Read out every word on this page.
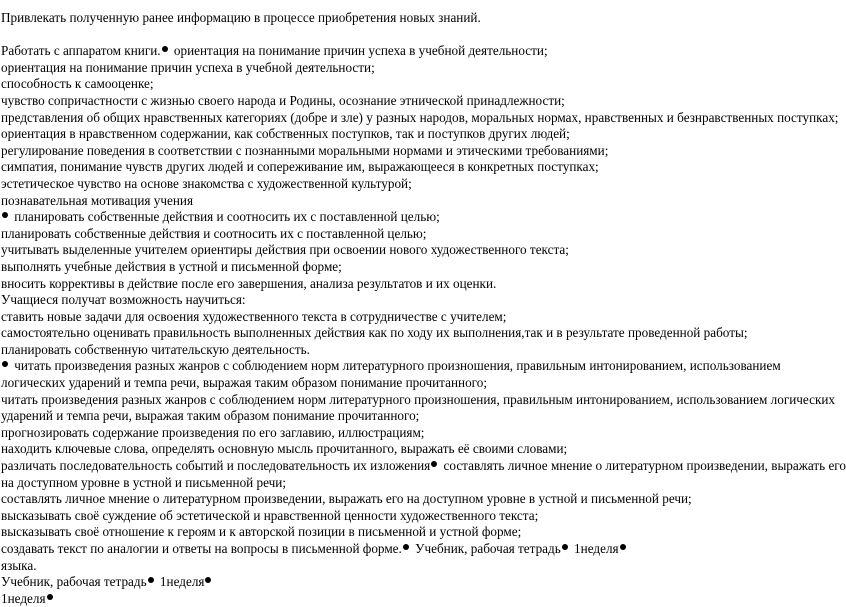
Привлекать полученную ранее информацию в процессе приобретения новых знаний.
Работать с аппаратом книги. ориентация на понимание причин успеха в учебной деятельности;
ориентация на понимание причин успеха в учебной деятельности;
способность к самооценке;
чувство сопричастности с жизнью своего народа и Родины, осознание этнической принадлежности;
представления об общих нравственных категориях (добре и зле) у разных народов, моральных нормах, нравственных и безнравственных поступках;
ориентация в нравственном содержании, как собственных поступков, так и поступков других людей;
регулирование поведения в соответствии с познанными моральными нормами и этическими требованиями;
симпатия, понимание чувств других людей и сопереживание им, выражающееся в конкретных поступках;
эстетическое чувство на основе знакомства с художественной культурой;
познавательная мотивация учения
планировать собственные действия и соотносить их с поставленной целью;
планировать собственные действия и соотносить их с поставленной целью;
учитывать выделенные учителем ориентиры действия при освоении нового художественного текста;
выполнять учебные действия в устной и письменной форме;
вносить коррективы в действие после его завершения, анализа результатов и их оценки.
Учащиеся получат возможность научиться:
ставить новые задачи для освоения художественного текста в сотрудничестве с учителем;
самостоятельно оценивать правильность выполненных действия как по ходу их выполнения,так и в результате проведенной работы;
планировать собственную читательскую деятельность.
читать произведения разных жанров с соблюдением норм литературного произношения, правильным интонированием, использованием
логических ударений и темпа речи, выражая таким образом понимание прочитанного;
читать произведения разных жанров с соблюдением норм литературного произношения, правильным интонированием, использованием логических
ударений и темпа речи, выражая таким образом понимание прочитанного;
прогнозировать содержание произведения по его заглавию, иллюстрациям;
находить ключевые слова, определять основную мысль прочитанного, выражать её своими словами;
различать последовательность событий и последовательность их изложения составлять личное мнение о литературном произведении, выражать его
на доступном уровне в устной и письменной речи;
составлять личное мнение о литературном произведении, выражать его на доступном уровне в устной и письменной речи;
высказывать своё суждение об эстетической и нравственной ценности художественного текста;
высказывать своё отношение к героям и к авторской позиции в письменной и устной форме;
создавать текст по аналогии и ответы на вопросы в письменной форме. Учебник, рабочая тетрадь 1неделя
языка.
Учебник, рабочая тетрадь 1неделя
1неделя
